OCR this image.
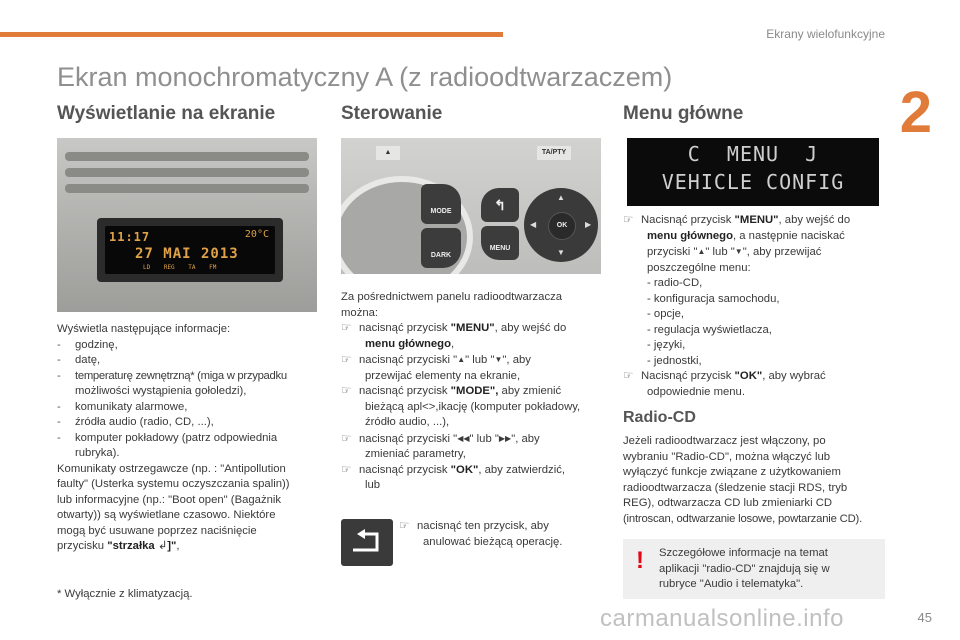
Ekrany wielofunkcyjne
2
Ekran monochromatyczny A (z radioodtwarzaczem)
Wyświetlanie na ekranie	Sterowanie	Menu główne
11:17	20°C
27 MAI 2013
LD REG TA FM
Wyświetla następujące informacje:
- godzinę,
- datę,
- temperaturę zewnętrzną* (miga w przypadku
możliwości wystąpienia gołoledzi),
- komunikaty alarmowe,
- źródła audio (radio, CD, ...),
- komputer pokładowy (patrz odpowiednia
rubryka).
Komunikaty ostrzegawcze (np. : "Antipollution
faulty" (Usterka systemu oczyszczania spalin))
lub informacyjne (np.: "Boot open" (Bagażnik
otwarty)) są wyświetlane czasowo. Niektóre
mogą być usuwane poprzez naciśnięcie
przycisku "strzałka ↲]",
* Wyłącznie z klimatyzacją.
▲	TA/PTY
MODE
DARK
↰
MENU
OK
▲
▼
◀	▶
Za pośrednictwem panelu radioodtwarzacza
można:
☞ nacisnąć przycisk "MENU", aby wejść do
menu głównego,
☞ nacisnąć przyciski "▲" lub "▼", aby
przewijać elementy na ekranie,
☞ nacisnąć przycisk "MODE", aby zmienić
bieżącą apl<>,ikację (komputer pokładowy,
źródło audio, ...),
☞ nacisnąć przyciski "◀◀" lub "▶▶", aby
zmieniać parametry,
☞ nacisnąć przycisk "OK", aby zatwierdzić,
lub
☞ nacisnąć ten przycisk, aby
anulować bieżącą operację.
C  MENU  J
VEHICLE CONFIG
☞ Nacisnąć przycisk "MENU", aby wejść do
menu głównego, a następnie naciskać
przyciski "▲" lub "▼", aby przewijać
poszczególne menu:
- radio-CD,
- konfiguracja samochodu,
- opcje,
- regulacja wyświetlacza,
- języki,
- jednostki,
☞ Nacisnąć przycisk "OK", aby wybrać
odpowiednie menu.
Radio-CD
Jeżeli radioodtwarzacz jest włączony, po
wybraniu "Radio-CD", można włączyć lub
wyłączyć funkcje związane z użytkowaniem
radioodtwarzacza (śledzenie stacji RDS, tryb
REG), odtwarzacza CD lub zmieniarki CD
(introscan, odtwarzanie losowe, powtarzanie CD).
! Szczegółowe informacje na temat
aplikacji "radio-CD" znajdują się w
rubryce "Audio i telematyka".
carmanualsonline.info	45
